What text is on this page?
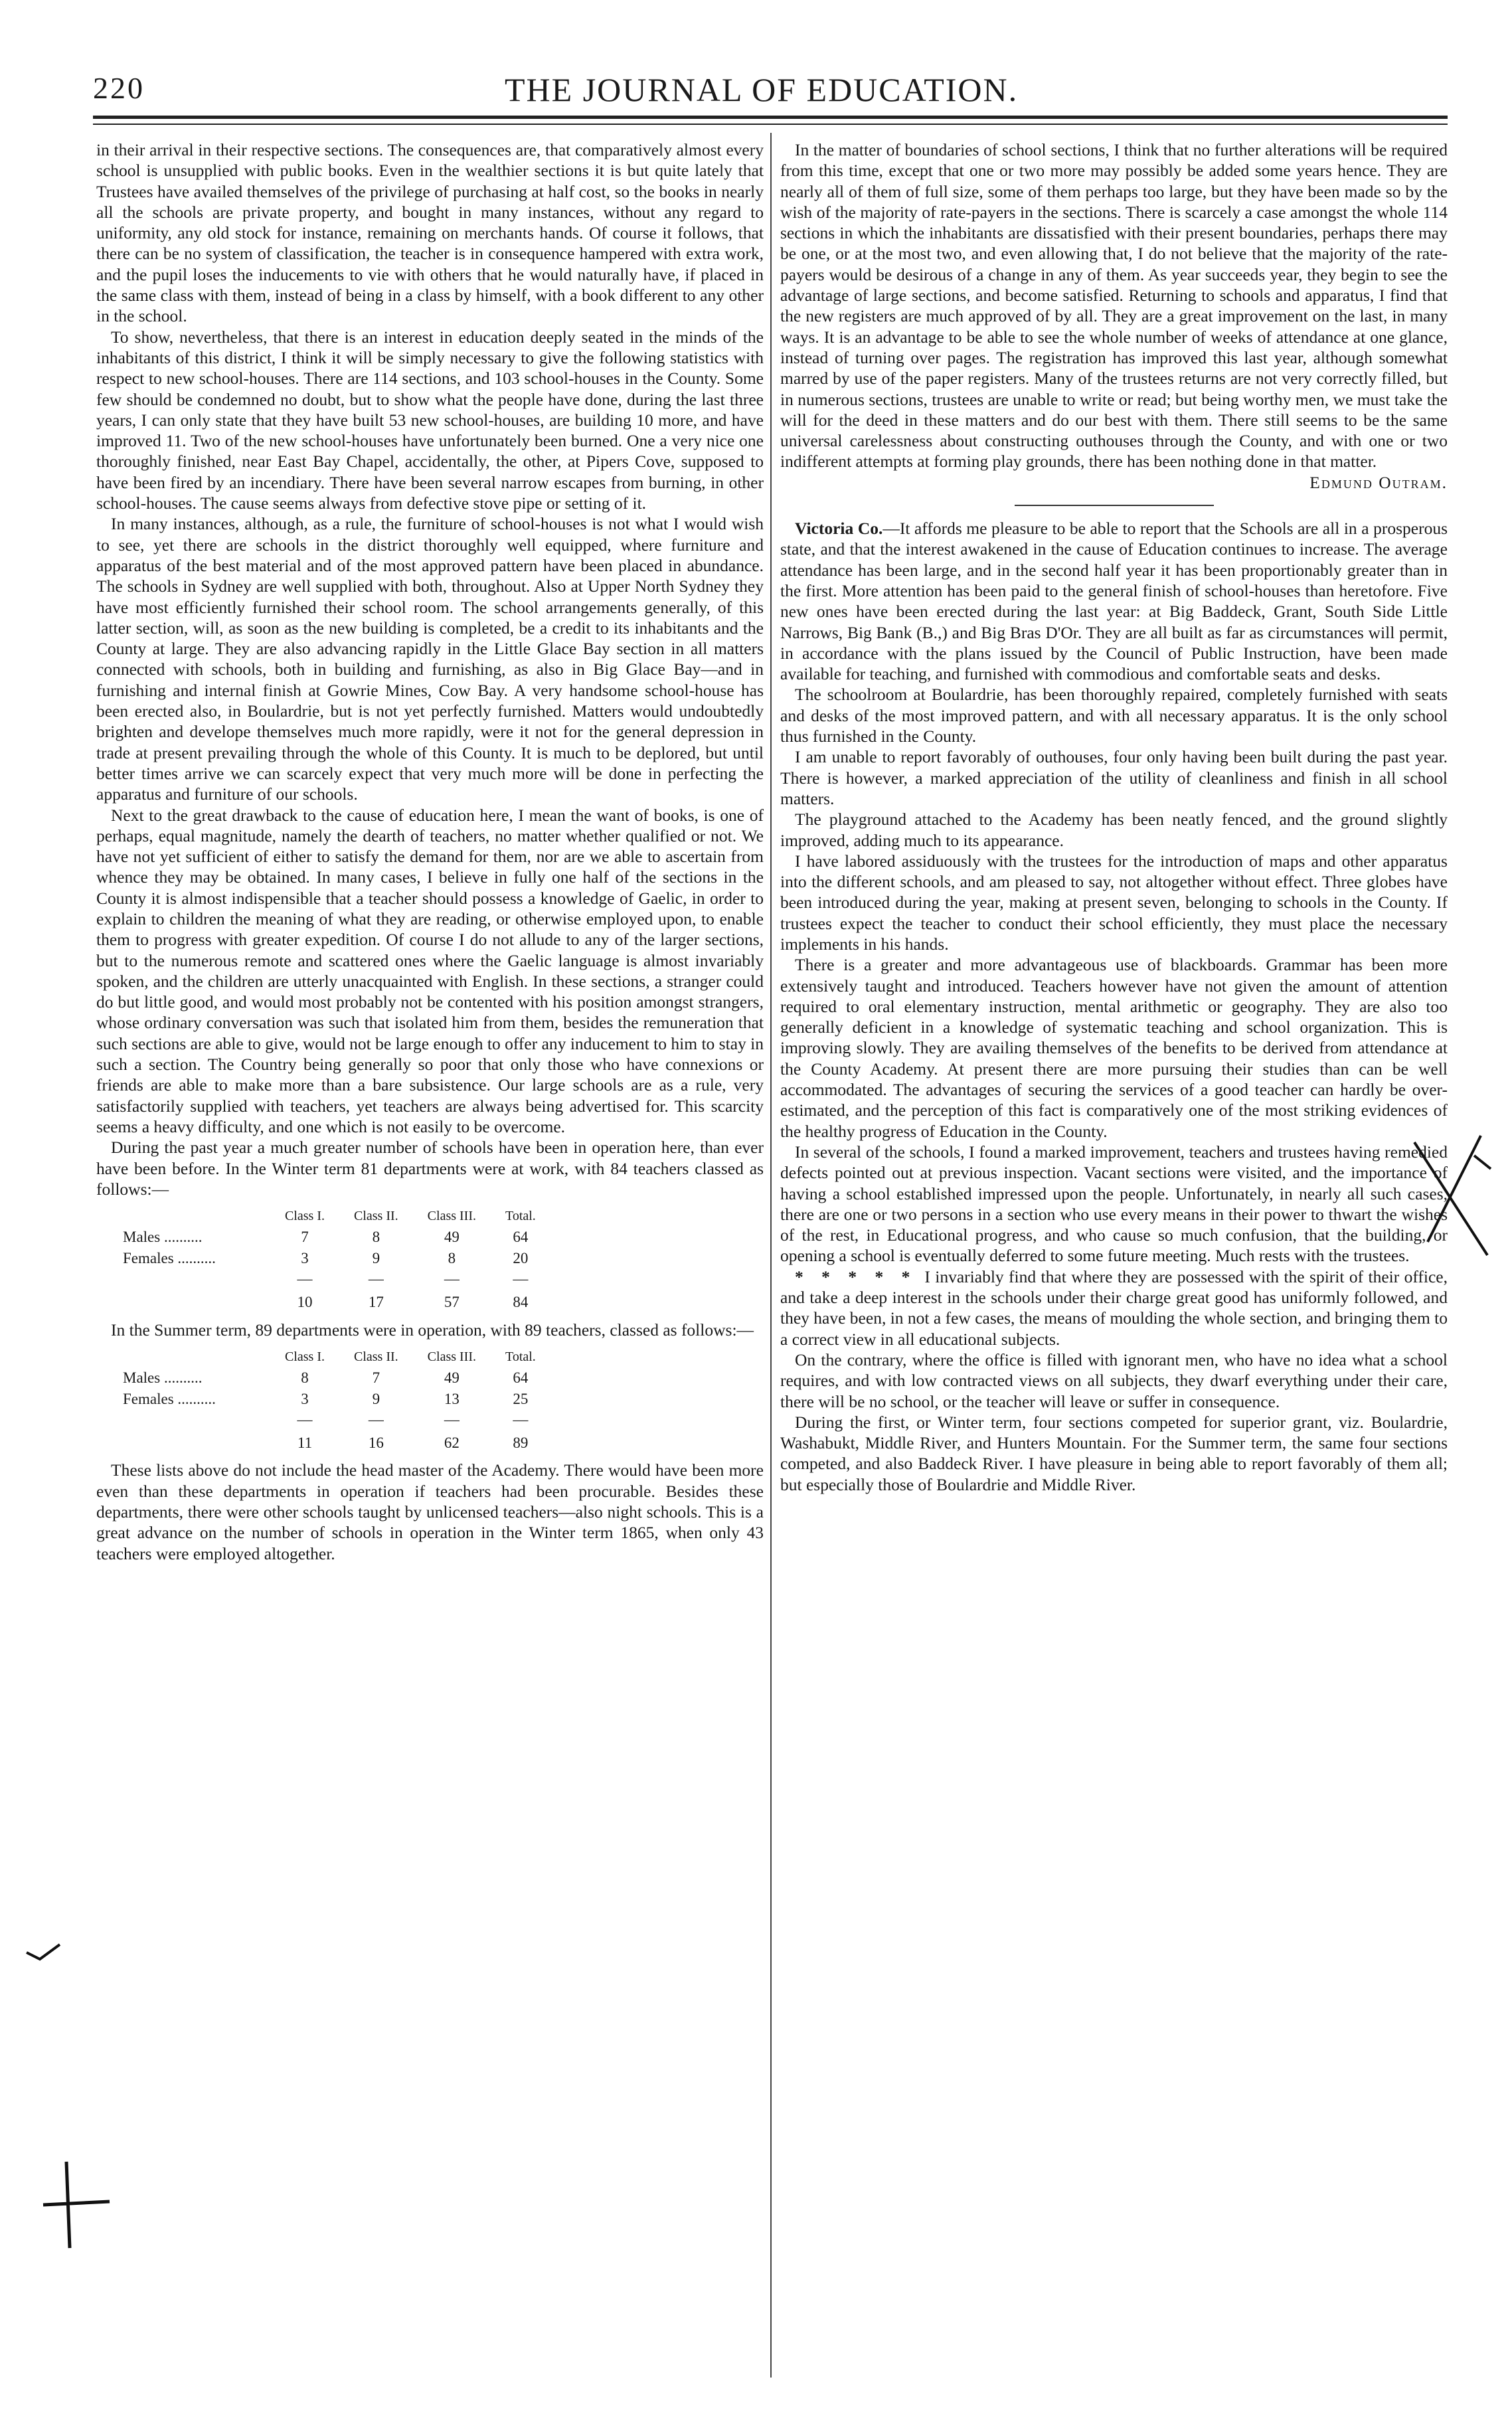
220	THE JOURNAL OF EDUCATION.

in their arrival in their respective sections. The consequences are, that comparatively almost every school is unsupplied with public books. Even in the wealthier sections it is but quite lately that Trustees have availed themselves of the privilege of purchasing at half cost, so the books in nearly all the schools are private property, and bought in many instances, without any regard to uniformity, any old stock for instance, remaining on merchants hands. Of course it follows, that there can be no system of classification, the teacher is in consequence hampered with extra work, and the pupil loses the inducements to vie with others that he would naturally have, if placed in the same class with them, instead of being in a class by himself, with a book different to any other in the school.

To show, nevertheless, that there is an interest in education deeply seated in the minds of the inhabitants of this district, I think it will be simply necessary to give the following statistics with respect to new school-houses. There are 114 sections, and 103 school-houses in the County. Some few should be condemned no doubt, but to show what the people have done, during the last three years, I can only state that they have built 53 new school-houses, are building 10 more, and have improved 11. Two of the new school-houses have unfortunately been burned. One a very nice one thoroughly finished, near East Bay Chapel, accidentally, the other, at Pipers Cove, supposed to have been fired by an incendiary. There have been several narrow escapes from burning, in other school-houses. The cause seems always from defective stove pipe or setting of it.

In many instances, although, as a rule, the furniture of school-houses is not what I would wish to see, yet there are schools in the district thoroughly well equipped, where furniture and apparatus of the best material and of the most approved pattern have been placed in abundance. The schools in Sydney are well supplied with both, throughout. Also at Upper North Sydney they have most efficiently furnished their school room. The school arrangements generally, of this latter section, will, as soon as the new building is completed, be a credit to its inhabitants and the County at large. They are also advancing rapidly in the Little Glace Bay section in all matters connected with schools, both in building and furnishing, as also in Big Glace Bay—and in furnishing and internal finish at Gowrie Mines, Cow Bay. A very handsome school-house has been erected also, in Boulardrie, but is not yet perfectly furnished. Matters would undoubtedly brighten and develope themselves much more rapidly, were it not for the general depression in trade at present prevailing through the whole of this County. It is much to be deplored, but until better times arrive we can scarcely expect that very much more will be done in perfecting the apparatus and furniture of our schools.

Next to the great drawback to the cause of education here, I mean the want of books, is one of perhaps, equal magnitude, namely the dearth of teachers, no matter whether qualified or not. We have not yet sufficient of either to satisfy the demand for them, nor are we able to ascertain from whence they may be obtained. In many cases, I believe in fully one half of the sections in the County it is almost indispensible that a teacher should possess a knowledge of Gaelic, in order to explain to children the meaning of what they are reading, or otherwise employed upon, to enable them to progress with greater expedition. Of course I do not allude to any of the larger sections, but to the numerous remote and scattered ones where the Gaelic language is almost invariably spoken, and the children are utterly unacquainted with English. In these sections, a stranger could do but little good, and would most probably not be contented with his position amongst strangers, whose ordinary conversation was such that isolated him from them, besides the remuneration that such sections are able to give, would not be large enough to offer any inducement to him to stay in such a section. The Country being generally so poor that only those who have connexions or friends are able to make more than a bare subsistence. Our large schools are as a rule, very satisfactorily supplied with teachers, yet teachers are always being advertised for. This scarcity seems a heavy difficulty, and one which is not easily to be overcome.

During the past year a much greater number of schools have been in operation here, than ever have been before. In the Winter term 81 departments were at work, with 84 teachers classed as follows:—

	Class I.	Class II.	Class III.	Total.
Males ..........	7	8	49	64
Females ..........	3	9	8	20
	—	—	—	—
	10	17	57	84

In the Summer term, 89 departments were in operation, with 89 teachers, classed as follows:—

	Class I.	Class II.	Class III.	Total.
Males ..........	8	7	49	64
Females ..........	3	9	13	25
	—	—	—	—
	11	16	62	89

These lists above do not include the head master of the Academy. There would have been more even than these departments in operation if teachers had been procurable. Besides these departments, there were other schools taught by unlicensed teachers—also night schools. This is a great advance on the number of schools in operation in the Winter term 1865, when only 43 teachers were employed altogether.

In the matter of boundaries of school sections, I think that no further alterations will be required from this time, except that one or two more may possibly be added some years hence. They are nearly all of them of full size, some of them perhaps too large, but they have been made so by the wish of the majority of rate-payers in the sections. There is scarcely a case amongst the whole 114 sections in which the inhabitants are dissatisfied with their present boundaries, perhaps there may be one, or at the most two, and even allowing that, I do not believe that the majority of the rate-payers would be desirous of a change in any of them. As year succeeds year, they begin to see the advantage of large sections, and become satisfied. Returning to schools and apparatus, I find that the new registers are much approved of by all. They are a great improvement on the last, in many ways. It is an advantage to be able to see the whole number of weeks of attendance at one glance, instead of turning over pages. The registration has improved this last year, although somewhat marred by use of the paper registers. Many of the trustees returns are not very correctly filled, but in numerous sections, trustees are unable to write or read; but being worthy men, we must take the will for the deed in these matters and do our best with them. There still seems to be the same universal carelessness about constructing outhouses through the County, and with one or two indifferent attempts at forming play grounds, there has been nothing done in that matter.

Edmund Outram.

Victoria Co.—It affords me pleasure to be able to report that the Schools are all in a prosperous state, and that the interest awakened in the cause of Education continues to increase. The average attendance has been large, and in the second half year it has been proportionably greater than in the first. More attention has been paid to the general finish of school-houses than heretofore. Five new ones have been erected during the last year: at Big Baddeck, Grant, South Side Little Narrows, Big Bank (B.,) and Big Bras D'Or. They are all built as far as circumstances will permit, in accordance with the plans issued by the Council of Public Instruction, have been made available for teaching, and furnished with commodious and comfortable seats and desks.

The schoolroom at Boulardrie, has been thoroughly repaired, completely furnished with seats and desks of the most improved pattern, and with all necessary apparatus. It is the only school thus furnished in the County.

I am unable to report favorably of outhouses, four only having been built during the past year. There is however, a marked appreciation of the utility of cleanliness and finish in all school matters.

The playground attached to the Academy has been neatly fenced, and the ground slightly improved, adding much to its appearance.

I have labored assiduously with the trustees for the introduction of maps and other apparatus into the different schools, and am pleased to say, not altogether without effect. Three globes have been introduced during the year, making at present seven, belonging to schools in the County. If trustees expect the teacher to conduct their school efficiently, they must place the necessary implements in his hands.

There is a greater and more advantageous use of blackboards. Grammar has been more extensively taught and introduced. Teachers however have not given the amount of attention required to oral elementary instruction, mental arithmetic or geography. They are also too generally deficient in a knowledge of systematic teaching and school organization. This is improving slowly. They are availing themselves of the benefits to be derived from attendance at the County Academy. At present there are more pursuing their studies than can be well accommodated. The advantages of securing the services of a good teacher can hardly be over-estimated, and the perception of this fact is comparatively one of the most striking evidences of the healthy progress of Education in the County.

In several of the schools, I found a marked improvement, teachers and trustees having remedied defects pointed out at previous inspection. Vacant sections were visited, and the importance of having a school established impressed upon the people. Unfortunately, in nearly all such cases, there are one or two persons in a section who use every means in their power to thwart the wishes of the rest, in Educational progress, and who cause so much confusion, that the building, or opening a school is eventually deferred to some future meeting. Much rests with the trustees.

* * * * * I invariably find that where they are possessed with the spirit of their office, and take a deep interest in the schools under their charge great good has uniformly followed, and they have been, in not a few cases, the means of moulding the whole section, and bringing them to a correct view in all educational subjects.

On the contrary, where the office is filled with ignorant men, who have no idea what a school requires, and with low contracted views on all subjects, they dwarf everything under their care, there will be no school, or the teacher will leave or suffer in consequence.

During the first, or Winter term, four sections competed for superior grant, viz. Boulardrie, Washabukt, Middle River, and Hunters Mountain. For the Summer term, the same four sections competed, and also Baddeck River. I have pleasure in being able to report favorably of them all; but especially those of Boulardrie and Middle River.
